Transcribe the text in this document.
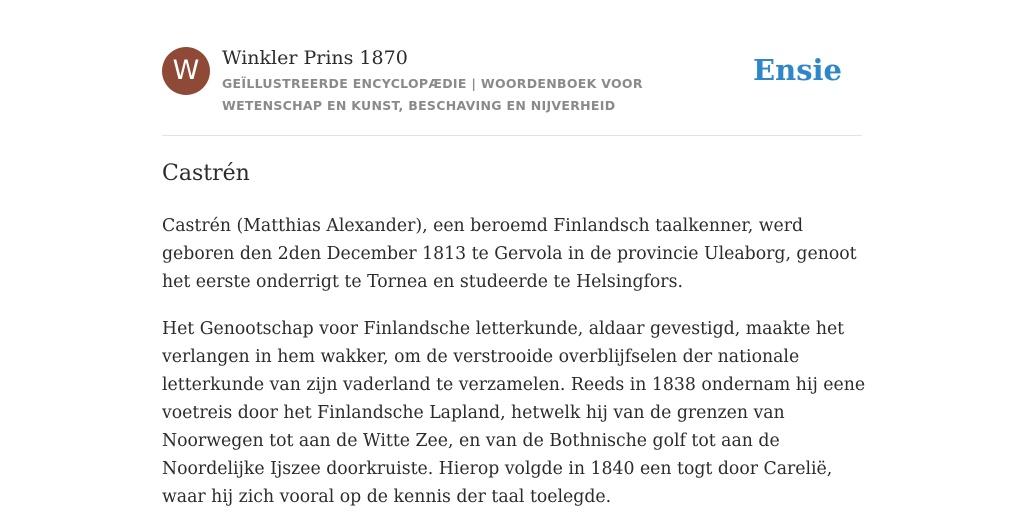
W	Winkler Prins 1870
GEÏLLUSTREERDE ENCYCLOPÆDIE | WOORDENBOEK VOOR WETENSCHAP EN KUNST, BESCHAVING EN NIJVERHEID
Ensie
Castrén

Castrén (Matthias Alexander), een beroemd Finlandsch taalkenner, werd geboren den 2den December 1813 te Gervola in de provincie Uleaborg, genoot het eerste onderrigt te Tornea en studeerde te Helsingfors.

Het Genootschap voor Finlandsche letterkunde, aldaar gevestigd, maakte het verlangen in hem wakker, om de verstrooide overblijfselen der nationale letterkunde van zijn vaderland te verzamelen. Reeds in 1838 ondernam hij eene voetreis door het Finlandsche Lapland, hetwelk hij van de grenzen van Noorwegen tot aan de Witte Zee, en van de Bothnische golf tot aan de Noordelijke Ijszee doorkruiste. Hierop volgde in 1840 een togt door Carelië, waar hij zich vooral op de kennis der taal toelegde.
